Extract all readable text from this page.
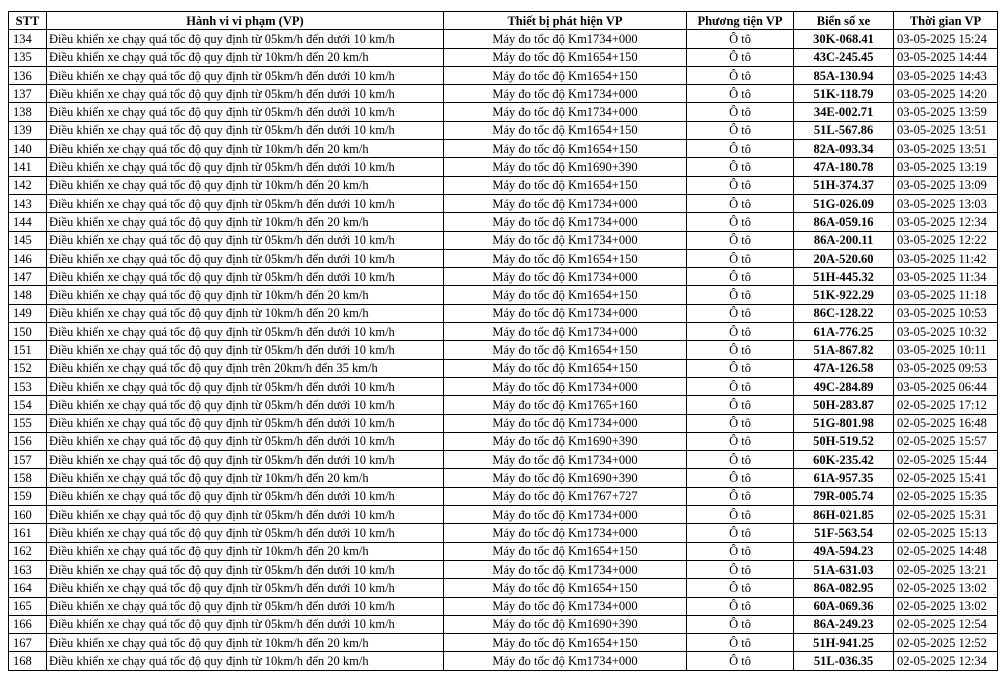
STT	Hành vi vi phạm (VP)	Thiết bị phát hiện VP	Phương tiện VP	Biển số xe	Thời gian VP
134	Điều khiển xe chạy quá tốc độ quy định từ 05km/h đến dưới 10 km/h	Máy đo tốc độ Km1734+000	Ô tô	30K-068.41	03-05-2025 15:24
135	Điều khiển xe chạy quá tốc độ quy định từ 10km/h đến 20 km/h	Máy đo tốc độ Km1654+150	Ô tô	43C-245.45	03-05-2025 14:44
136	Điều khiển xe chạy quá tốc độ quy định từ 05km/h đến dưới 10 km/h	Máy đo tốc độ Km1654+150	Ô tô	85A-130.94	03-05-2025 14:43
137	Điều khiển xe chạy quá tốc độ quy định từ 05km/h đến dưới 10 km/h	Máy đo tốc độ Km1734+000	Ô tô	51K-118.79	03-05-2025 14:20
138	Điều khiển xe chạy quá tốc độ quy định từ 05km/h đến dưới 10 km/h	Máy đo tốc độ Km1734+000	Ô tô	34E-002.71	03-05-2025 13:59
139	Điều khiển xe chạy quá tốc độ quy định từ 05km/h đến dưới 10 km/h	Máy đo tốc độ Km1654+150	Ô tô	51L-567.86	03-05-2025 13:51
140	Điều khiển xe chạy quá tốc độ quy định từ 10km/h đến 20 km/h	Máy đo tốc độ Km1654+150	Ô tô	82A-093.34	03-05-2025 13:51
141	Điều khiển xe chạy quá tốc độ quy định từ 05km/h đến dưới 10 km/h	Máy đo tốc độ Km1690+390	Ô tô	47A-180.78	03-05-2025 13:19
142	Điều khiển xe chạy quá tốc độ quy định từ 10km/h đến 20 km/h	Máy đo tốc độ Km1654+150	Ô tô	51H-374.37	03-05-2025 13:09
143	Điều khiển xe chạy quá tốc độ quy định từ 05km/h đến dưới 10 km/h	Máy đo tốc độ Km1734+000	Ô tô	51G-026.09	03-05-2025 13:03
144	Điều khiển xe chạy quá tốc độ quy định từ 10km/h đến 20 km/h	Máy đo tốc độ Km1734+000	Ô tô	86A-059.16	03-05-2025 12:34
145	Điều khiển xe chạy quá tốc độ quy định từ 05km/h đến dưới 10 km/h	Máy đo tốc độ Km1734+000	Ô tô	86A-200.11	03-05-2025 12:22
146	Điều khiển xe chạy quá tốc độ quy định từ 05km/h đến dưới 10 km/h	Máy đo tốc độ Km1654+150	Ô tô	20A-520.60	03-05-2025 11:42
147	Điều khiển xe chạy quá tốc độ quy định từ 05km/h đến dưới 10 km/h	Máy đo tốc độ Km1734+000	Ô tô	51H-445.32	03-05-2025 11:34
148	Điều khiển xe chạy quá tốc độ quy định từ 10km/h đến 20 km/h	Máy đo tốc độ Km1654+150	Ô tô	51K-922.29	03-05-2025 11:18
149	Điều khiển xe chạy quá tốc độ quy định từ 10km/h đến 20 km/h	Máy đo tốc độ Km1734+000	Ô tô	86C-128.22	03-05-2025 10:53
150	Điều khiển xe chạy quá tốc độ quy định từ 05km/h đến dưới 10 km/h	Máy đo tốc độ Km1734+000	Ô tô	61A-776.25	03-05-2025 10:32
151	Điều khiển xe chạy quá tốc độ quy định từ 05km/h đến dưới 10 km/h	Máy đo tốc độ Km1654+150	Ô tô	51A-867.82	03-05-2025 10:11
152	Điều khiển xe chạy quá tốc độ quy định trên 20km/h đến 35 km/h	Máy đo tốc độ Km1654+150	Ô tô	47A-126.58	03-05-2025 09:53
153	Điều khiển xe chạy quá tốc độ quy định từ 05km/h đến dưới 10 km/h	Máy đo tốc độ Km1734+000	Ô tô	49C-284.89	03-05-2025 06:44
154	Điều khiển xe chạy quá tốc độ quy định từ 05km/h đến dưới 10 km/h	Máy đo tốc độ Km1765+160	Ô tô	50H-283.87	02-05-2025 17:12
155	Điều khiển xe chạy quá tốc độ quy định từ 05km/h đến dưới 10 km/h	Máy đo tốc độ Km1734+000	Ô tô	51G-801.98	02-05-2025 16:48
156	Điều khiển xe chạy quá tốc độ quy định từ 05km/h đến dưới 10 km/h	Máy đo tốc độ Km1690+390	Ô tô	50H-519.52	02-05-2025 15:57
157	Điều khiển xe chạy quá tốc độ quy định từ 05km/h đến dưới 10 km/h	Máy đo tốc độ Km1734+000	Ô tô	60K-235.42	02-05-2025 15:44
158	Điều khiển xe chạy quá tốc độ quy định từ 10km/h đến 20 km/h	Máy đo tốc độ Km1690+390	Ô tô	61A-957.35	02-05-2025 15:41
159	Điều khiển xe chạy quá tốc độ quy định từ 05km/h đến dưới 10 km/h	Máy đo tốc độ Km1767+727	Ô tô	79R-005.74	02-05-2025 15:35
160	Điều khiển xe chạy quá tốc độ quy định từ 05km/h đến dưới 10 km/h	Máy đo tốc độ Km1734+000	Ô tô	86H-021.85	02-05-2025 15:31
161	Điều khiển xe chạy quá tốc độ quy định từ 05km/h đến dưới 10 km/h	Máy đo tốc độ Km1734+000	Ô tô	51F-563.54	02-05-2025 15:13
162	Điều khiển xe chạy quá tốc độ quy định từ 10km/h đến 20 km/h	Máy đo tốc độ Km1654+150	Ô tô	49A-594.23	02-05-2025 14:48
163	Điều khiển xe chạy quá tốc độ quy định từ 05km/h đến dưới 10 km/h	Máy đo tốc độ Km1734+000	Ô tô	51A-631.03	02-05-2025 13:21
164	Điều khiển xe chạy quá tốc độ quy định từ 05km/h đến dưới 10 km/h	Máy đo tốc độ Km1654+150	Ô tô	86A-082.95	02-05-2025 13:02
165	Điều khiển xe chạy quá tốc độ quy định từ 05km/h đến dưới 10 km/h	Máy đo tốc độ Km1734+000	Ô tô	60A-069.36	02-05-2025 13:02
166	Điều khiển xe chạy quá tốc độ quy định từ 05km/h đến dưới 10 km/h	Máy đo tốc độ Km1690+390	Ô tô	86A-249.23	02-05-2025 12:54
167	Điều khiển xe chạy quá tốc độ quy định từ 10km/h đến 20 km/h	Máy đo tốc độ Km1654+150	Ô tô	51H-941.25	02-05-2025 12:52
168	Điều khiển xe chạy quá tốc độ quy định từ 10km/h đến 20 km/h	Máy đo tốc độ Km1734+000	Ô tô	51L-036.35	02-05-2025 12:34
